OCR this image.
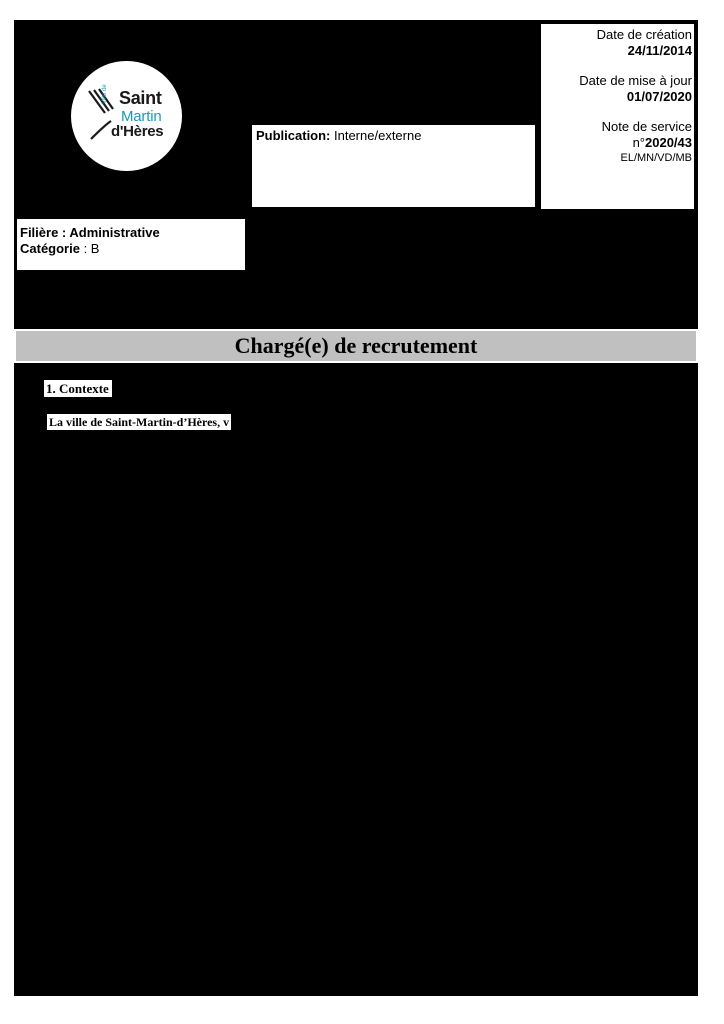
Ville de Saint
Martin
d'Hères	Publication: Interne/externe
Date de création
24/11/2014
Date de mise à jour
01/07/2020
Note de service
n°2020/43
EL/MN/VD/MB
Filière : Administrative
Catégorie : B
Chargé(e) de recrutement
1. Contexte
La ville de Saint-Martin-d’Hères, v
